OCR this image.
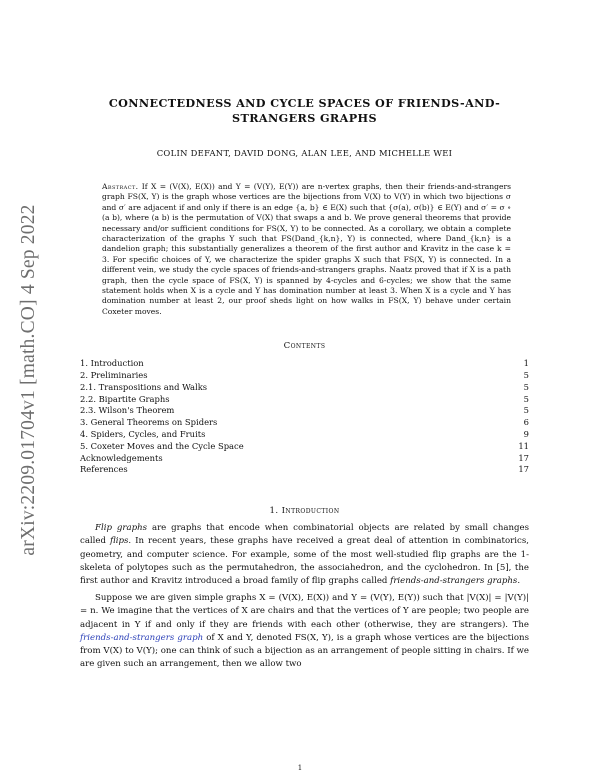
arXiv:2209.01704v1 [math.CO] 4 Sep 2022
CONNECTEDNESS AND CYCLE SPACES OF FRIENDS-AND-STRANGERS GRAPHS
COLIN DEFANT, DAVID DONG, ALAN LEE, AND MICHELLE WEI
Abstract. If X = (V(X), E(X)) and Y = (V(Y), E(Y)) are n-vertex graphs, then their friends-and-strangers graph FS(X, Y) is the graph whose vertices are the bijections from V(X) to V(Y) in which two bijections σ and σ′ are adjacent if and only if there is an edge {a, b} ∈ E(X) such that {σ(a), σ(b)} ∈ E(Y) and σ′ = σ ∘ (a b), where (a b) is the permutation of V(X) that swaps a and b. We prove general theorems that provide necessary and/or sufficient conditions for FS(X, Y) to be connected. As a corollary, we obtain a complete characterization of the graphs Y such that FS(Dand_{k,n}, Y) is connected, where Dand_{k,n} is a dandelion graph; this substantially generalizes a theorem of the first author and Kravitz in the case k = 3. For specific choices of Y, we characterize the spider graphs X such that FS(X, Y) is connected. In a different vein, we study the cycle spaces of friends-and-strangers graphs. Naatz proved that if X is a path graph, then the cycle space of FS(X, Y) is spanned by 4-cycles and 6-cycles; we show that the same statement holds when X is a cycle and Y has domination number at least 3. When X is a cycle and Y has domination number at least 2, our proof sheds light on how walks in FS(X, Y) behave under certain Coxeter moves.
Contents
1. Introduction	1
2. Preliminaries	5
2.1. Transpositions and Walks	5
2.2. Bipartite Graphs	5
2.3. Wilson's Theorem	5
3. General Theorems on Spiders	6
4. Spiders, Cycles, and Fruits	9
5. Coxeter Moves and the Cycle Space	11
Acknowledgements	17
References	17
1. Introduction
Flip graphs are graphs that encode when combinatorial objects are related by small changes called flips. In recent years, these graphs have received a great deal of attention in combinatorics, geometry, and computer science. For example, some of the most well-studied flip graphs are the 1-skeleta of polytopes such as the permutahedron, the associahedron, and the cyclohedron. In [5], the first author and Kravitz introduced a broad family of flip graphs called friends-and-strangers graphs.
Suppose we are given simple graphs X = (V(X), E(X)) and Y = (V(Y), E(Y)) such that |V(X)| = |V(Y)| = n. We imagine that the vertices of X are chairs and that the vertices of Y are people; two people are adjacent in Y if and only if they are friends with each other (otherwise, they are strangers). The friends-and-strangers graph of X and Y, denoted FS(X, Y), is a graph whose vertices are the bijections from V(X) to V(Y); one can think of such a bijection as an arrangement of people sitting in chairs. If we are given such an arrangement, then we allow two
1
